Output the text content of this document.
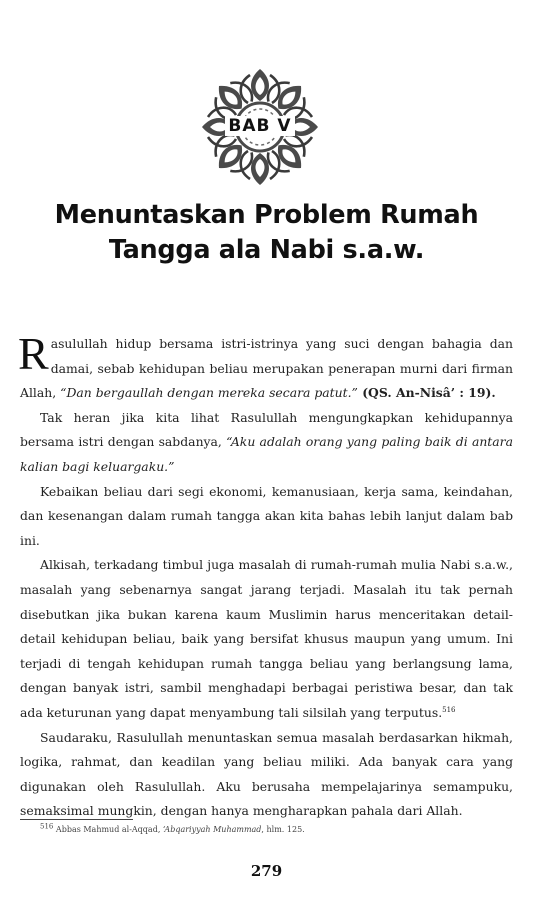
BAB V
Menuntaskan Problem Rumah
Tangga ala Nabi s.a.w.

Rasulullah hidup bersama istri-istrinya yang suci dengan bahagia dan damai, sebab kehidupan beliau merupakan penerapan murni dari firman Allah, “Dan bergaullah dengan mereka secara patut.” (QS. An-Nisâ’ : 19).

Tak heran jika kita lihat Rasulullah mengungkapkan kehidupannya bersama istri dengan sabdanya, “Aku adalah orang yang paling baik di antara kalian bagi keluargaku.”

Kebaikan beliau dari segi ekonomi, kemanusiaan, kerja sama, keindahan, dan kesenangan dalam rumah tangga akan kita bahas lebih lanjut dalam bab ini.

Alkisah, terkadang timbul juga masalah di rumah-rumah mulia Nabi s.a.w., masalah yang sebenarnya sangat jarang terjadi. Masalah itu tak pernah disebutkan jika bukan karena kaum Muslimin harus menceritakan detail-detail kehidupan beliau, baik yang bersifat khusus maupun yang umum. Ini terjadi di tengah kehidupan rumah tangga beliau yang berlangsung lama, dengan banyak istri, sambil menghadapi berbagai peristiwa besar, dan tak ada keturunan yang dapat menyambung tali silsilah yang terputus.$^{516}$

Saudaraku, Rasulullah menuntaskan semua masalah berdasarkan hikmah, logika, rahmat, dan keadilan yang beliau miliki. Ada banyak cara yang digunakan oleh Rasulullah. Aku berusaha mempelajarinya semampuku, semaksimal mungkin, dengan hanya mengharapkan pahala dari Allah.

$^{516}$ Abbas Mahmud al-Aqqad, ‘Abqariyyah Muhammad, hlm. 125.
279
